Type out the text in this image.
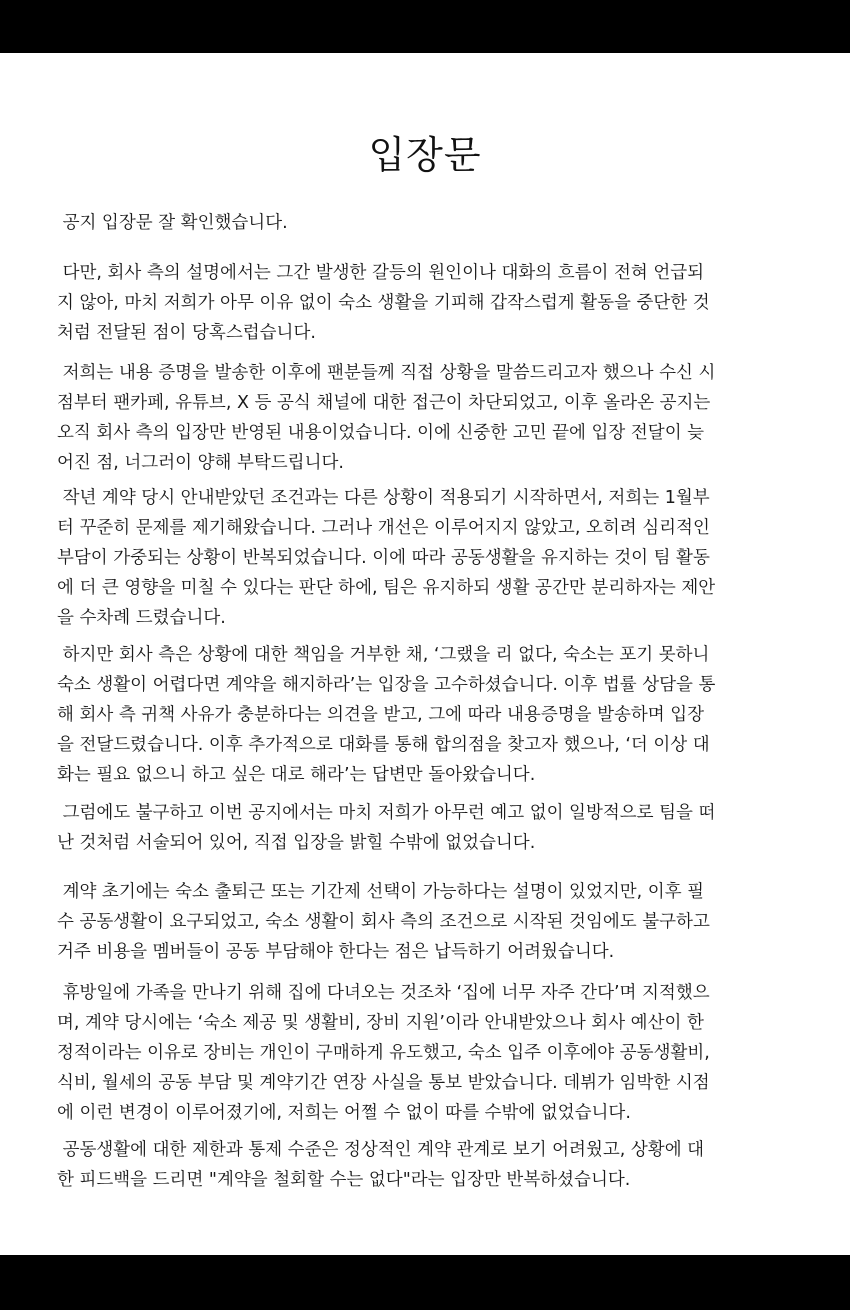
입장문
공지 입장문 잘 확인했습니다.
다만, 회사 측의 설명에서는 그간 발생한 갈등의 원인이나 대화의 흐름이 전혀 언급되
지 않아, 마치 저희가 아무 이유 없이 숙소 생활을 기피해 갑작스럽게 활동을 중단한 것
처럼 전달된 점이 당혹스럽습니다.
저희는 내용 증명을 발송한 이후에 팬분들께 직접 상황을 말씀드리고자 했으나 수신 시
점부터 팬카페, 유튜브, X 등 공식 채널에 대한 접근이 차단되었고, 이후 올라온 공지는
오직 회사 측의 입장만 반영된 내용이었습니다. 이에 신중한 고민 끝에 입장 전달이 늦
어진 점, 너그러이 양해 부탁드립니다.
작년 계약 당시 안내받았던 조건과는 다른 상황이 적용되기 시작하면서, 저희는 1월부
터 꾸준히 문제를 제기해왔습니다. 그러나 개선은 이루어지지 않았고, 오히려 심리적인
부담이 가중되는 상황이 반복되었습니다. 이에 따라 공동생활을 유지하는 것이 팀 활동
에 더 큰 영향을 미칠 수 있다는 판단 하에, 팀은 유지하되 생활 공간만 분리하자는 제안
을 수차례 드렸습니다.
하지만 회사 측은 상황에 대한 책임을 거부한 채, ‘그랬을 리 없다, 숙소는 포기 못하니
숙소 생활이 어렵다면 계약을 해지하라’는 입장을 고수하셨습니다. 이후 법률 상담을 통
해 회사 측 귀책 사유가 충분하다는 의견을 받고, 그에 따라 내용증명을 발송하며 입장
을 전달드렸습니다. 이후 추가적으로 대화를 통해 합의점을 찾고자 했으나, ‘더 이상 대
화는 필요 없으니 하고 싶은 대로 해라’는 답변만 돌아왔습니다.
그럼에도 불구하고 이번 공지에서는 마치 저희가 아무런 예고 없이 일방적으로 팀을 떠
난 것처럼 서술되어 있어, 직접 입장을 밝힐 수밖에 없었습니다.
계약 초기에는 숙소 출퇴근 또는 기간제 선택이 가능하다는 설명이 있었지만, 이후 필
수 공동생활이 요구되었고, 숙소 생활이 회사 측의 조건으로 시작된 것임에도 불구하고
거주 비용을 멤버들이 공동 부담해야 한다는 점은 납득하기 어려웠습니다.
휴방일에 가족을 만나기 위해 집에 다녀오는 것조차 ‘집에 너무 자주 간다’며 지적했으
며, 계약 당시에는 ‘숙소 제공 및 생활비, 장비 지원’이라 안내받았으나 회사 예산이 한
정적이라는 이유로 장비는 개인이 구매하게 유도했고, 숙소 입주 이후에야 공동생활비,
식비, 월세의 공동 부담 및 계약기간 연장 사실을 통보 받았습니다. 데뷔가 임박한 시점
에 이런 변경이 이루어졌기에, 저희는 어쩔 수 없이 따를 수밖에 없었습니다.
공동생활에 대한 제한과 통제 수준은 정상적인 계약 관계로 보기 어려웠고, 상황에 대
한 피드백을 드리면 "계약을 철회할 수는 없다"라는 입장만 반복하셨습니다.
